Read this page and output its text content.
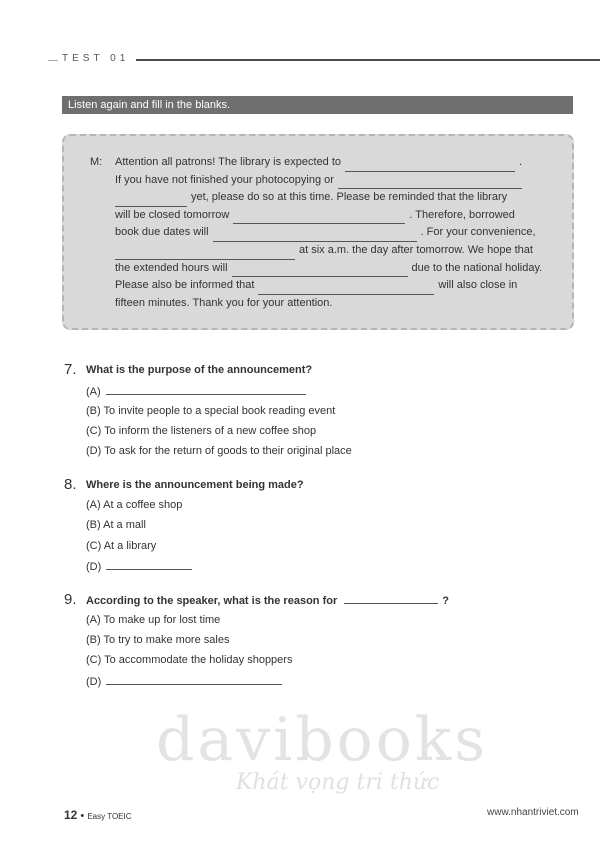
TEST 01
Listen again and fill in the blanks.
M: Attention all patrons! The library is expected to	.
If you have not finished your photocopying or
yet, please do so at this time. Please be reminded that the library
will be closed tomorrow	. Therefore, borrowed
book due dates will	. For your convenience,
at six a.m. the day after tomorrow. We hope that
the extended hours will	due to the national holiday.
Please also be informed that	will also close in
fifteen minutes. Thank you for your attention.
7. What is the purpose of the announcement?
(A)
(B) To invite people to a special book reading event
(C) To inform the listeners of a new coffee shop
(D) To ask for the return of goods to their original place
8. Where is the announcement being made?
(A) At a coffee shop
(B) At a mall
(C) At a library
(D)
9. According to the speaker, what is the reason for	?
(A) To make up for lost time
(B) To try to make more sales
(C) To accommodate the holiday shoppers
(D)
davibooks
Khát vọng tri thức
12 • Easy TOEIC	www.nhantriviet.com
